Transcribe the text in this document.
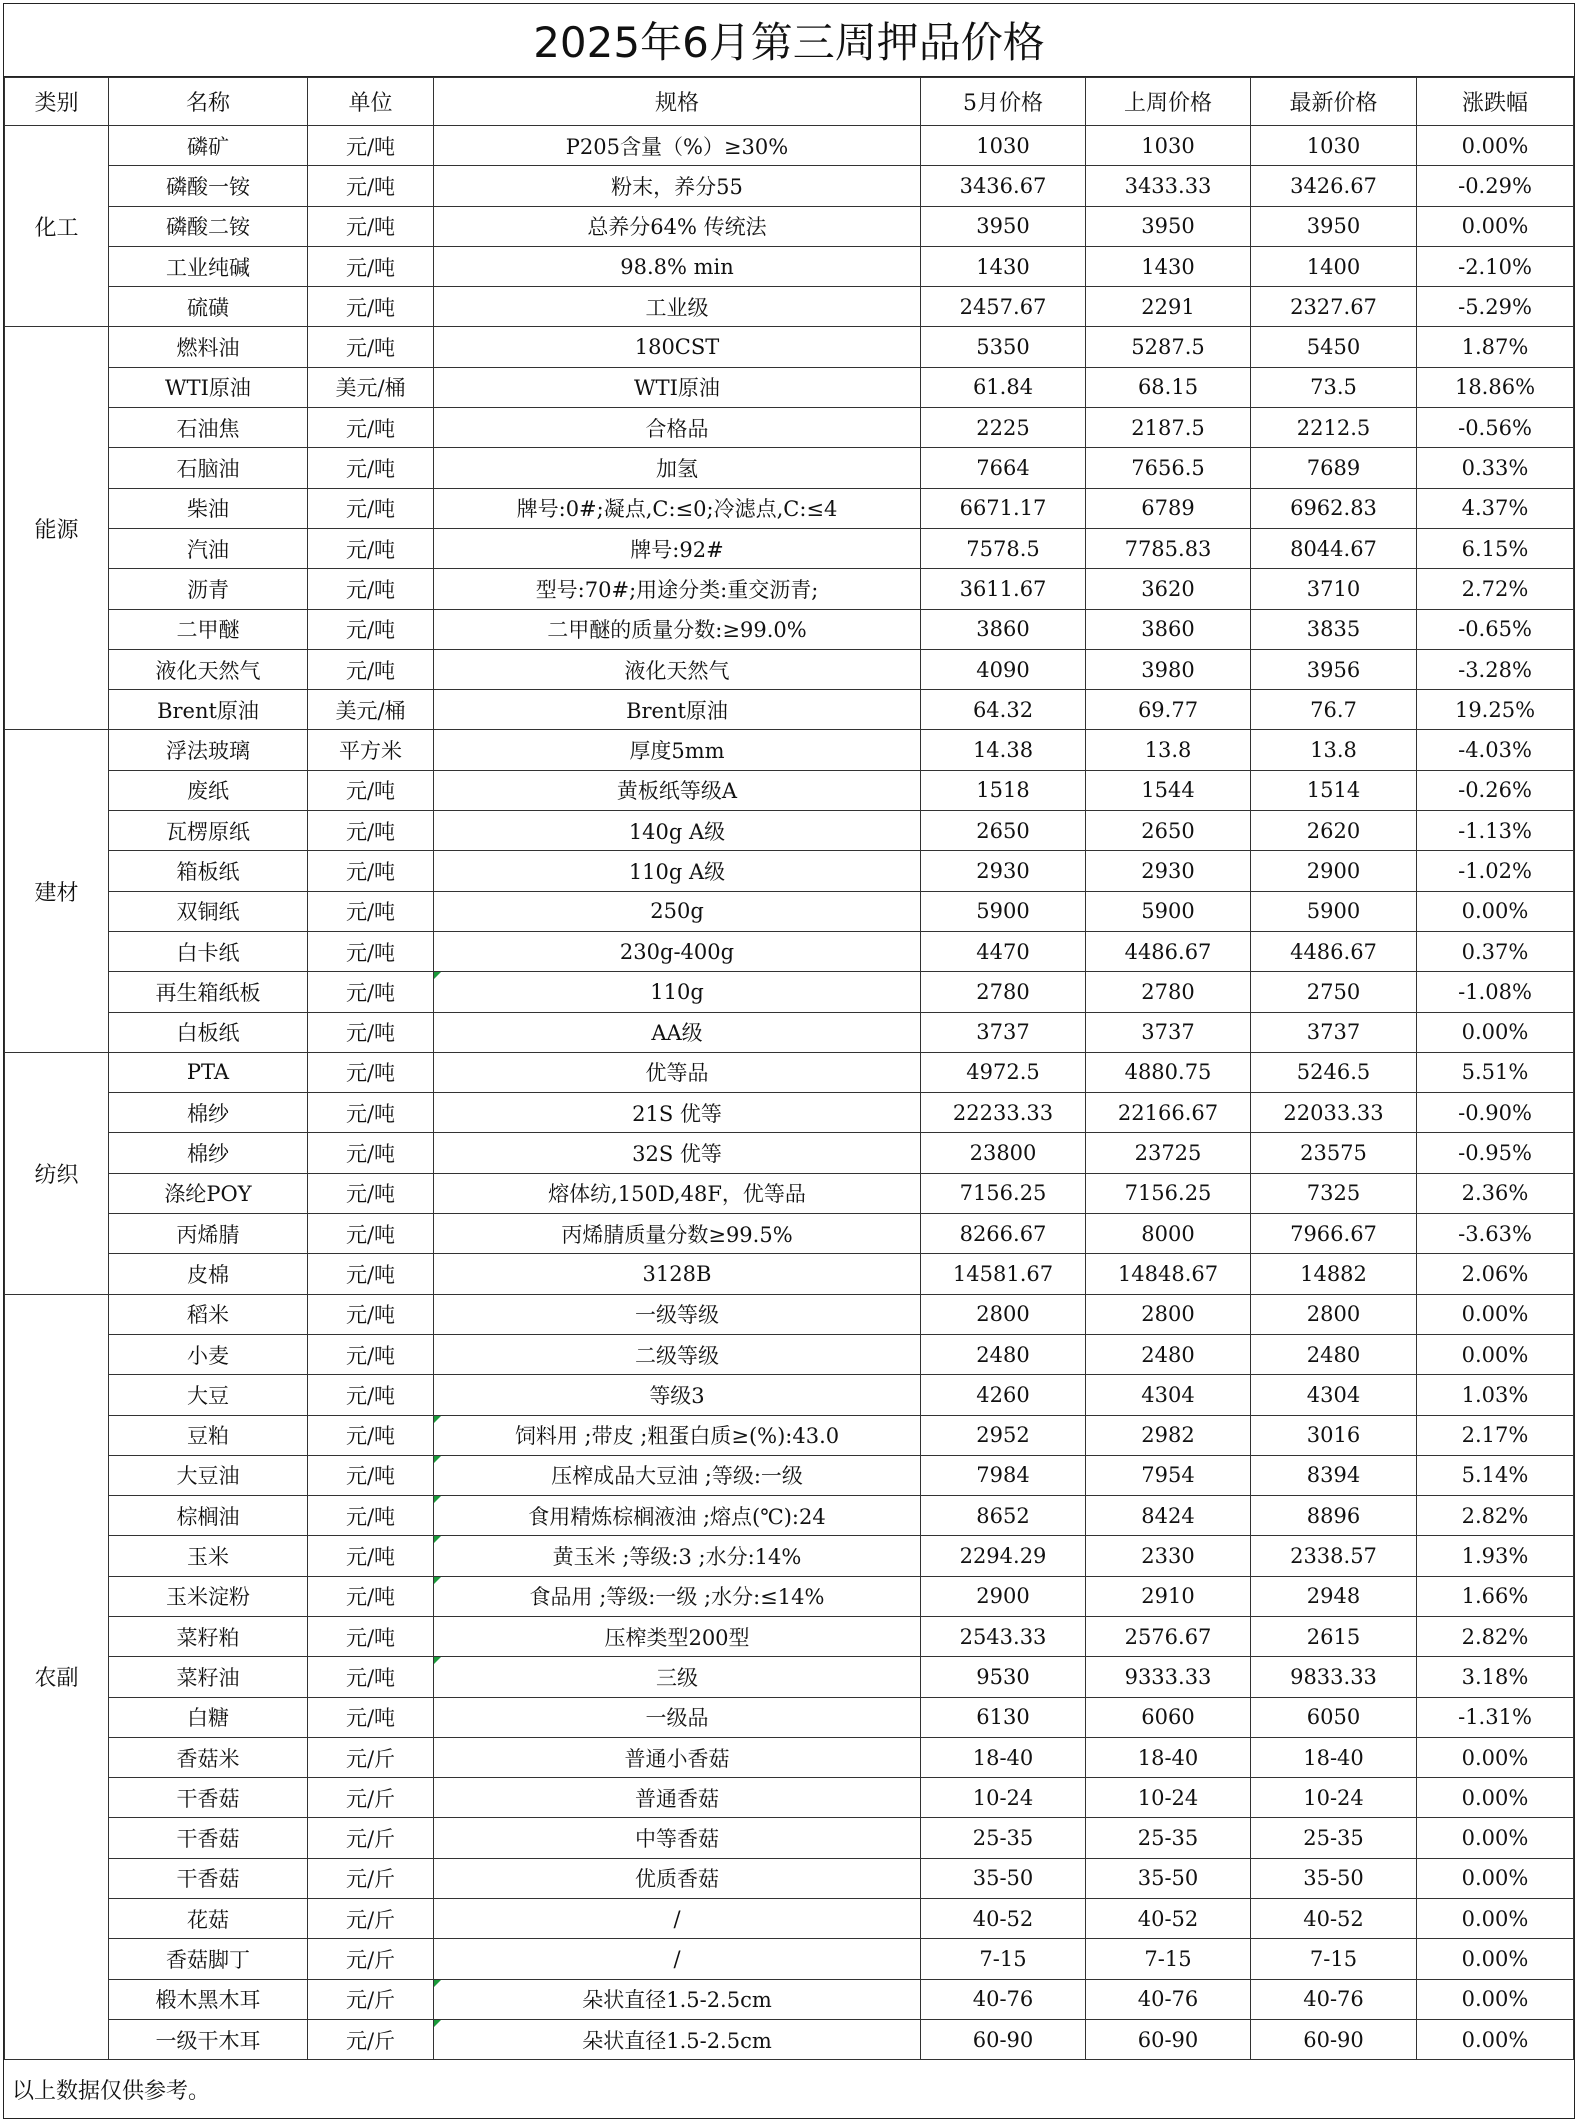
2025年6月第三周押品价格
类别	名称	单位	规格	5月价格	上周价格	最新价格	涨跌幅
化工	磷矿	元/吨	P205含量（%）≥30%	1030	1030	1030	0.00%
	磷酸一铵	元/吨	粉末，养分55	3436.67	3433.33	3426.67	-0.29%
	磷酸二铵	元/吨	总养分64% 传统法	3950	3950	3950	0.00%
	工业纯碱	元/吨	98.8% min	1430	1430	1400	-2.10%
	硫磺	元/吨	工业级	2457.67	2291	2327.67	-5.29%
能源	燃料油	元/吨	180CST	5350	5287.5	5450	1.87%
	WTI原油	美元/桶	WTI原油	61.84	68.15	73.5	18.86%
	石油焦	元/吨	合格品	2225	2187.5	2212.5	-0.56%
	石脑油	元/吨	加氢	7664	7656.5	7689	0.33%
	柴油	元/吨	牌号:0#;凝点,C:≤0;冷滤点,C:≤4	6671.17	6789	6962.83	4.37%
	汽油	元/吨	牌号:92#	7578.5	7785.83	8044.67	6.15%
	沥青	元/吨	型号:70#;用途分类:重交沥青;	3611.67	3620	3710	2.72%
	二甲醚	元/吨	二甲醚的质量分数:≥99.0%	3860	3860	3835	-0.65%
	液化天然气	元/吨	液化天然气	4090	3980	3956	-3.28%
	Brent原油	美元/桶	Brent原油	64.32	69.77	76.7	19.25%
建材	浮法玻璃	平方米	厚度5mm	14.38	13.8	13.8	-4.03%
	废纸	元/吨	黄板纸等级A	1518	1544	1514	-0.26%
	瓦楞原纸	元/吨	140g A级	2650	2650	2620	-1.13%
	箱板纸	元/吨	110g A级	2930	2930	2900	-1.02%
	双铜纸	元/吨	250g	5900	5900	5900	0.00%
	白卡纸	元/吨	230g-400g	4470	4486.67	4486.67	0.37%
	再生箱纸板	元/吨	110g	2780	2780	2750	-1.08%
	白板纸	元/吨	AA级	3737	3737	3737	0.00%
纺织	PTA	元/吨	优等品	4972.5	4880.75	5246.5	5.51%
	棉纱	元/吨	21S 优等	22233.33	22166.67	22033.33	-0.90%
	棉纱	元/吨	32S 优等	23800	23725	23575	-0.95%
	涤纶POY	元/吨	熔体纺,150D,48F，优等品	7156.25	7156.25	7325	2.36%
	丙烯腈	元/吨	丙烯腈质量分数≥99.5%	8266.67	8000	7966.67	-3.63%
	皮棉	元/吨	3128B	14581.67	14848.67	14882	2.06%
农副	稻米	元/吨	一级等级	2800	2800	2800	0.00%
	小麦	元/吨	二级等级	2480	2480	2480	0.00%
	大豆	元/吨	等级3	4260	4304	4304	1.03%
	豆粕	元/吨	饲料用 ;带皮 ;粗蛋白质≥(%):43.0	2952	2982	3016	2.17%
	大豆油	元/吨	压榨成品大豆油 ;等级:一级	7984	7954	8394	5.14%
	棕榈油	元/吨	食用精炼棕榈液油 ;熔点(℃):24	8652	8424	8896	2.82%
	玉米	元/吨	黄玉米 ;等级:3 ;水分:14%	2294.29	2330	2338.57	1.93%
	玉米淀粉	元/吨	食品用 ;等级:一级 ;水分:≤14%	2900	2910	2948	1.66%
	菜籽粕	元/吨	压榨类型200型	2543.33	2576.67	2615	2.82%
	菜籽油	元/吨	三级	9530	9333.33	9833.33	3.18%
	白糖	元/吨	一级品	6130	6060	6050	-1.31%
	香菇米	元/斤	普通小香菇	18-40	18-40	18-40	0.00%
	干香菇	元/斤	普通香菇	10-24	10-24	10-24	0.00%
	干香菇	元/斤	中等香菇	25-35	25-35	25-35	0.00%
	干香菇	元/斤	优质香菇	35-50	35-50	35-50	0.00%
	花菇	元/斤	/	40-52	40-52	40-52	0.00%
	香菇脚丁	元/斤	/	7-15	7-15	7-15	0.00%
	椴木黑木耳	元/斤	朵状直径1.5-2.5cm	40-76	40-76	40-76	0.00%
	一级干木耳	元/斤	朵状直径1.5-2.5cm	60-90	60-90	60-90	0.00%
以上数据仅供参考。
